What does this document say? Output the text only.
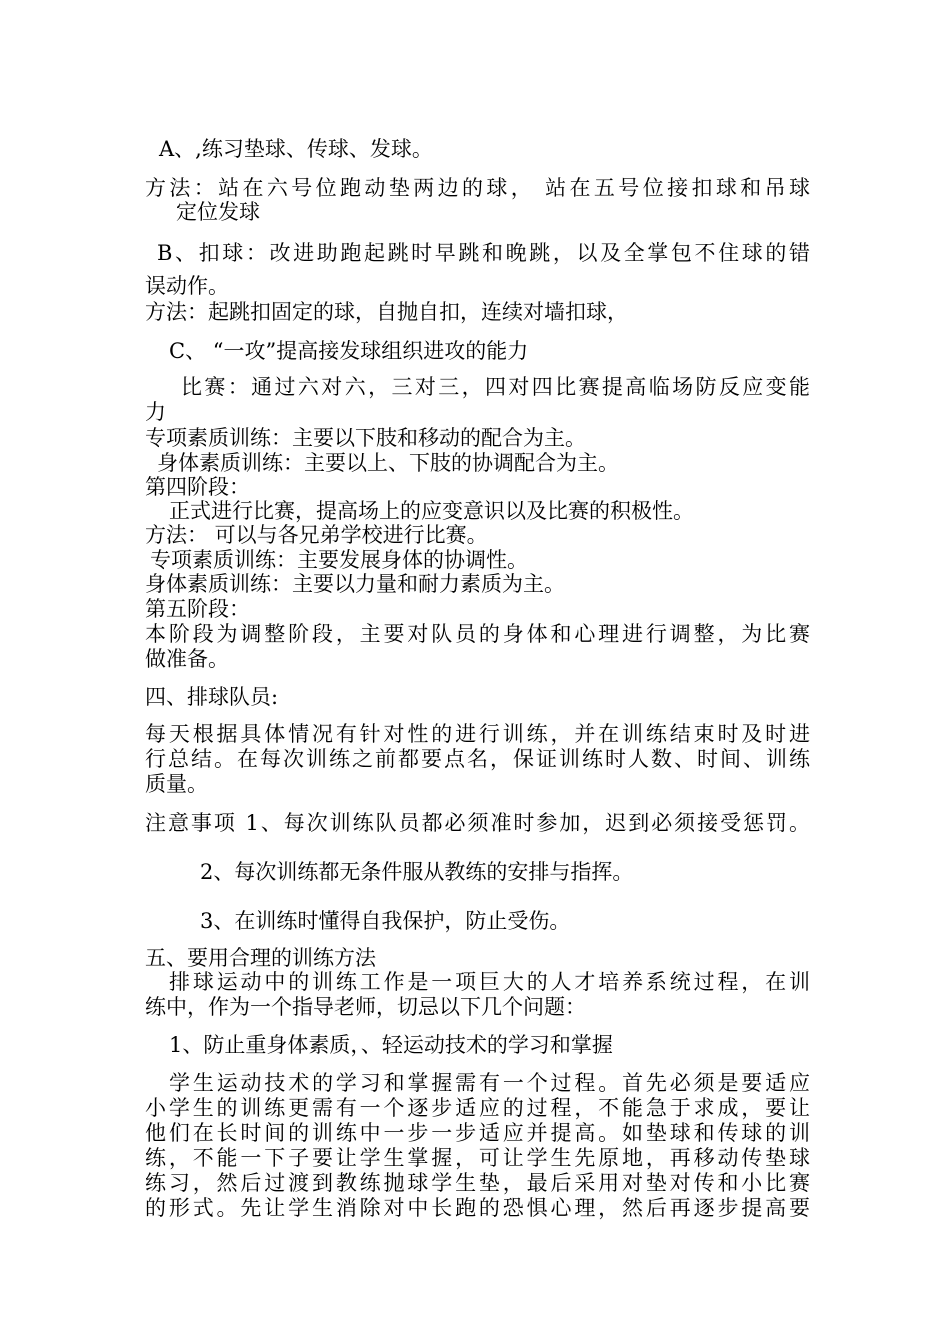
A、,练习垫球、传球、发球。
方法：站在六号位跑动垫两边的球， 站在五号位接扣球和吊球
定位发球
B、扣球：改进助跑起跳时早跳和晚跳，以及全掌包不住球的错
误动作。
方法：起跳扣固定的球，自抛自扣，连续对墙扣球，
C、 “一攻”提高接发球组织进攻的能力
比赛：通过六对六，三对三，四对四比赛提高临场防反应变能
力
专项素质训练：主要以下肢和移动的配合为主。
身体素质训练：主要以上、下肢的协调配合为主。
第四阶段：
正式进行比赛，提高场上的应变意识以及比赛的积极性。
方法： 可以与各兄弟学校进行比赛。
专项素质训练：主要发展身体的协调性。
身体素质训练：主要以力量和耐力素质为主。
第五阶段：
本阶段为调整阶段，主要对队员的身体和心理进行调整，为比赛
做准备。
四、排球队员:
每天根据具体情况有针对性的进行训练，并在训练结束时及时进
行总结。在每次训练之前都要点名，保证训练时人数、时间、训练
质量。
注意事项 1、每次训练队员都必须准时参加，迟到必须接受惩罚。
2、每次训练都无条件服从教练的安排与指挥。
3、在训练时懂得自我保护，防止受伤。
五、要用合理的训练方法
排球运动中的训练工作是一项巨大的人才培养系统过程，在训
练中，作为一个指导老师，切忌以下几个问题：
1、防止重身体素质，、轻运动技术的学习和掌握
学生运动技术的学习和掌握需有一个过程。首先必须是要适应
小学生的训练更需有一个逐步适应的过程，不能急于求成，要让
他们在长时间的训练中一步一步适应并提高。如垫球和传球的训
练，不能一下子要让学生掌握，可让学生先原地，再移动传垫球
练习，然后过渡到教练抛球学生垫，最后采用对垫对传和小比赛
的形式。先让学生消除对中长跑的恐惧心理，然后再逐步提高要
